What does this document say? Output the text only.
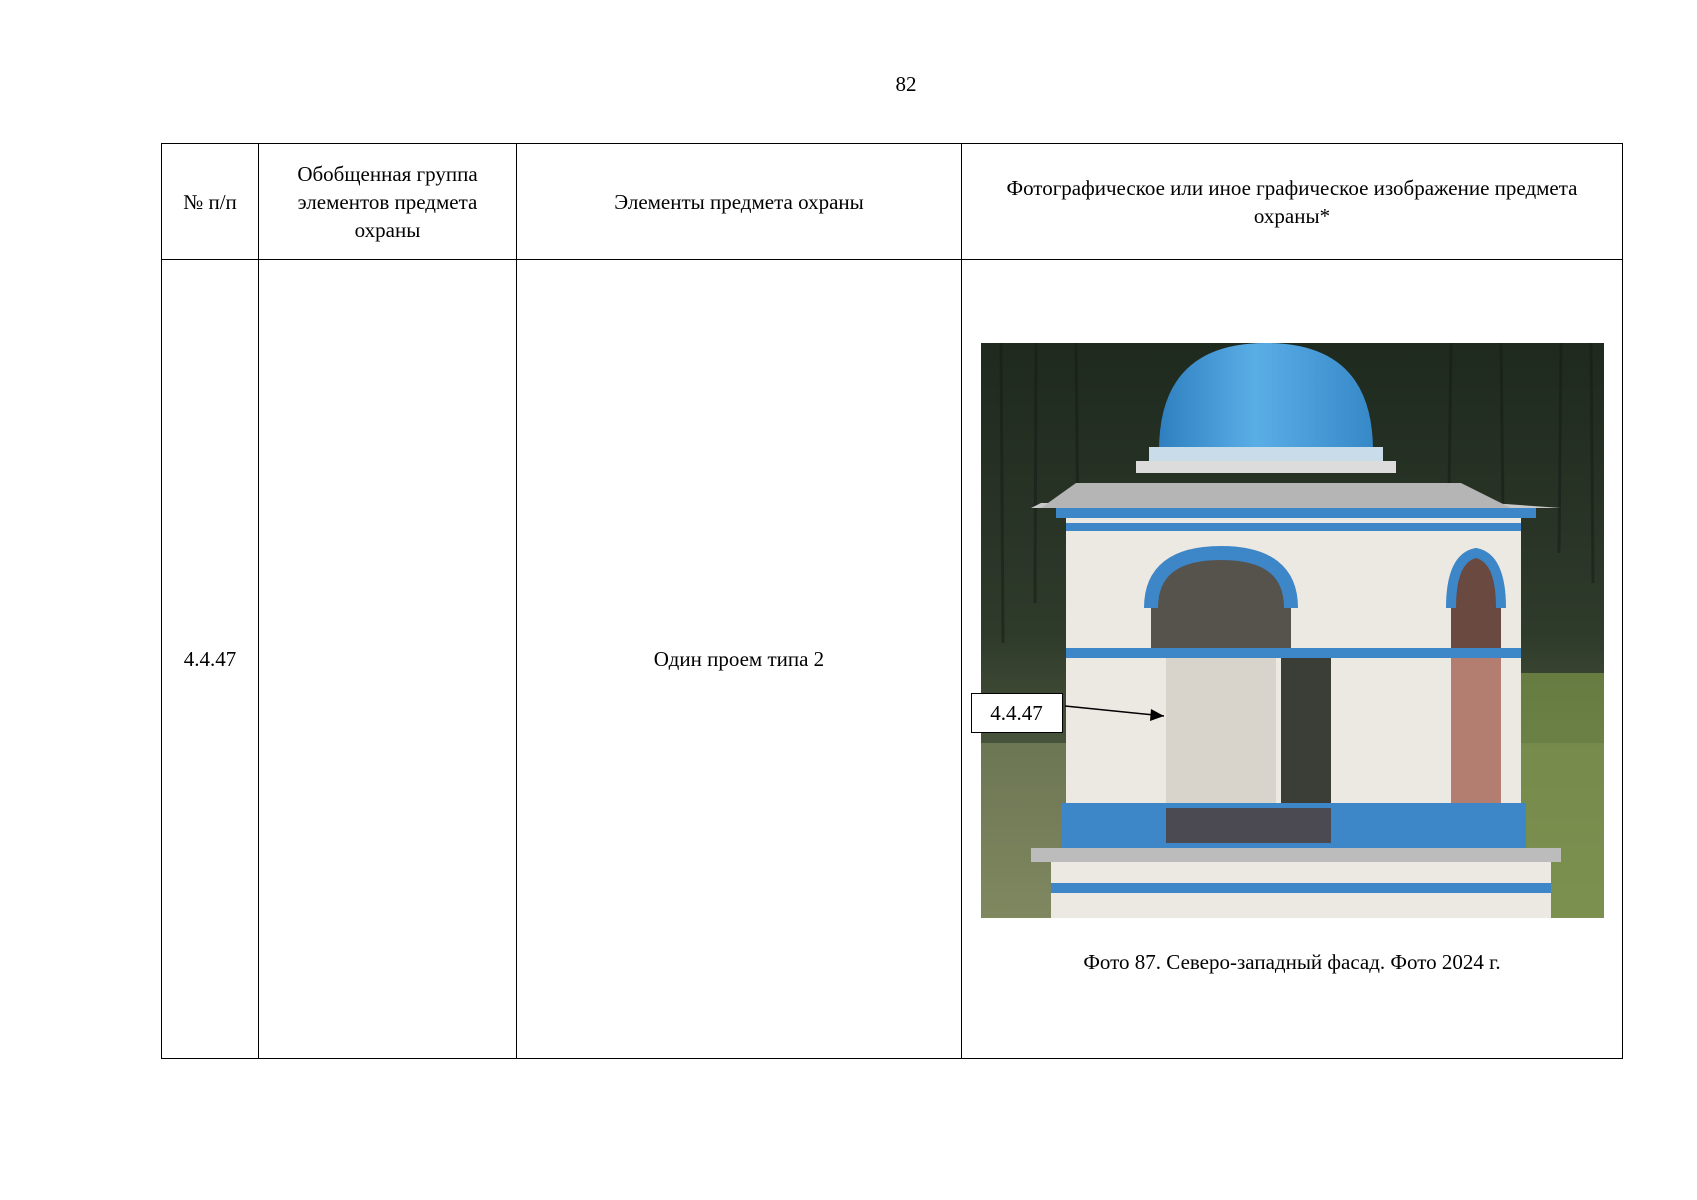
82
№ п/п	Обобщенная группа элементов предмета охраны	Элементы предмета охраны	Фотографическое или иное графическое изображение предмета охраны*
4.4.47		Один проем типа 2	4.4.47
Фото 87. Северо-западный фасад. Фото 2024 г.
